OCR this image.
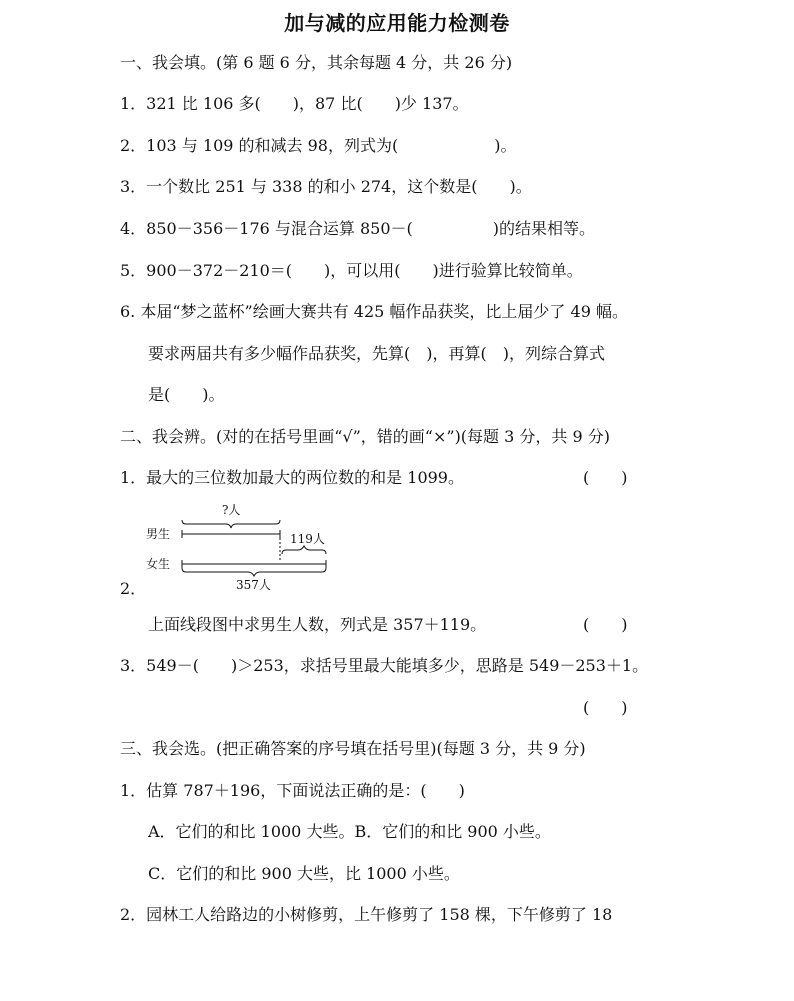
加与减的应用能力检测卷
一、我会填。(第 6 题 6 分，其余每题 4 分，共 26 分)
1．321 比 106 多(　　)，87 比(　　)少 137。
2．103 与 109 的和减去 98，列式为(　　　　　　)。
3．一个数比 251 与 338 的和小 274，这个数是(　　)。
4．850－356－176 与混合运算 850－(　　　　　)的结果相等。
5．900－372－210＝(　　)，可以用(　　)进行验算比较简单。
6. 本届“梦之蓝杯”绘画大赛共有 425 幅作品获奖，比上届少了 49 幅。
要求两届共有多少幅作品获奖，先算(　)，再算(　)，列综合算式
是(　　)。
二、我会辨。(对的在括号里画“√”，错的画“×”)(每题 3 分，共 9 分)
1．最大的三位数加最大的两位数的和是 1099。	(　　)
男生
女生
?人
119人
357人
2．
上面线段图中求男生人数，列式是 357＋119。	(　　)
3．549－(　　)＞253，求括号里最大能填多少，思路是 549－253＋1。
(　　)
三、我会选。(把正确答案的序号填在括号里)(每题 3 分，共 9 分)
1．估算 787＋196，下面说法正确的是：(　　)
A．它们的和比 1000 大些。B．它们的和比 900 小些。
C．它们的和比 900 大些，比 1000 小些。
2．园林工人给路边的小树修剪，上午修剪了 158 棵，下午修剪了 18
